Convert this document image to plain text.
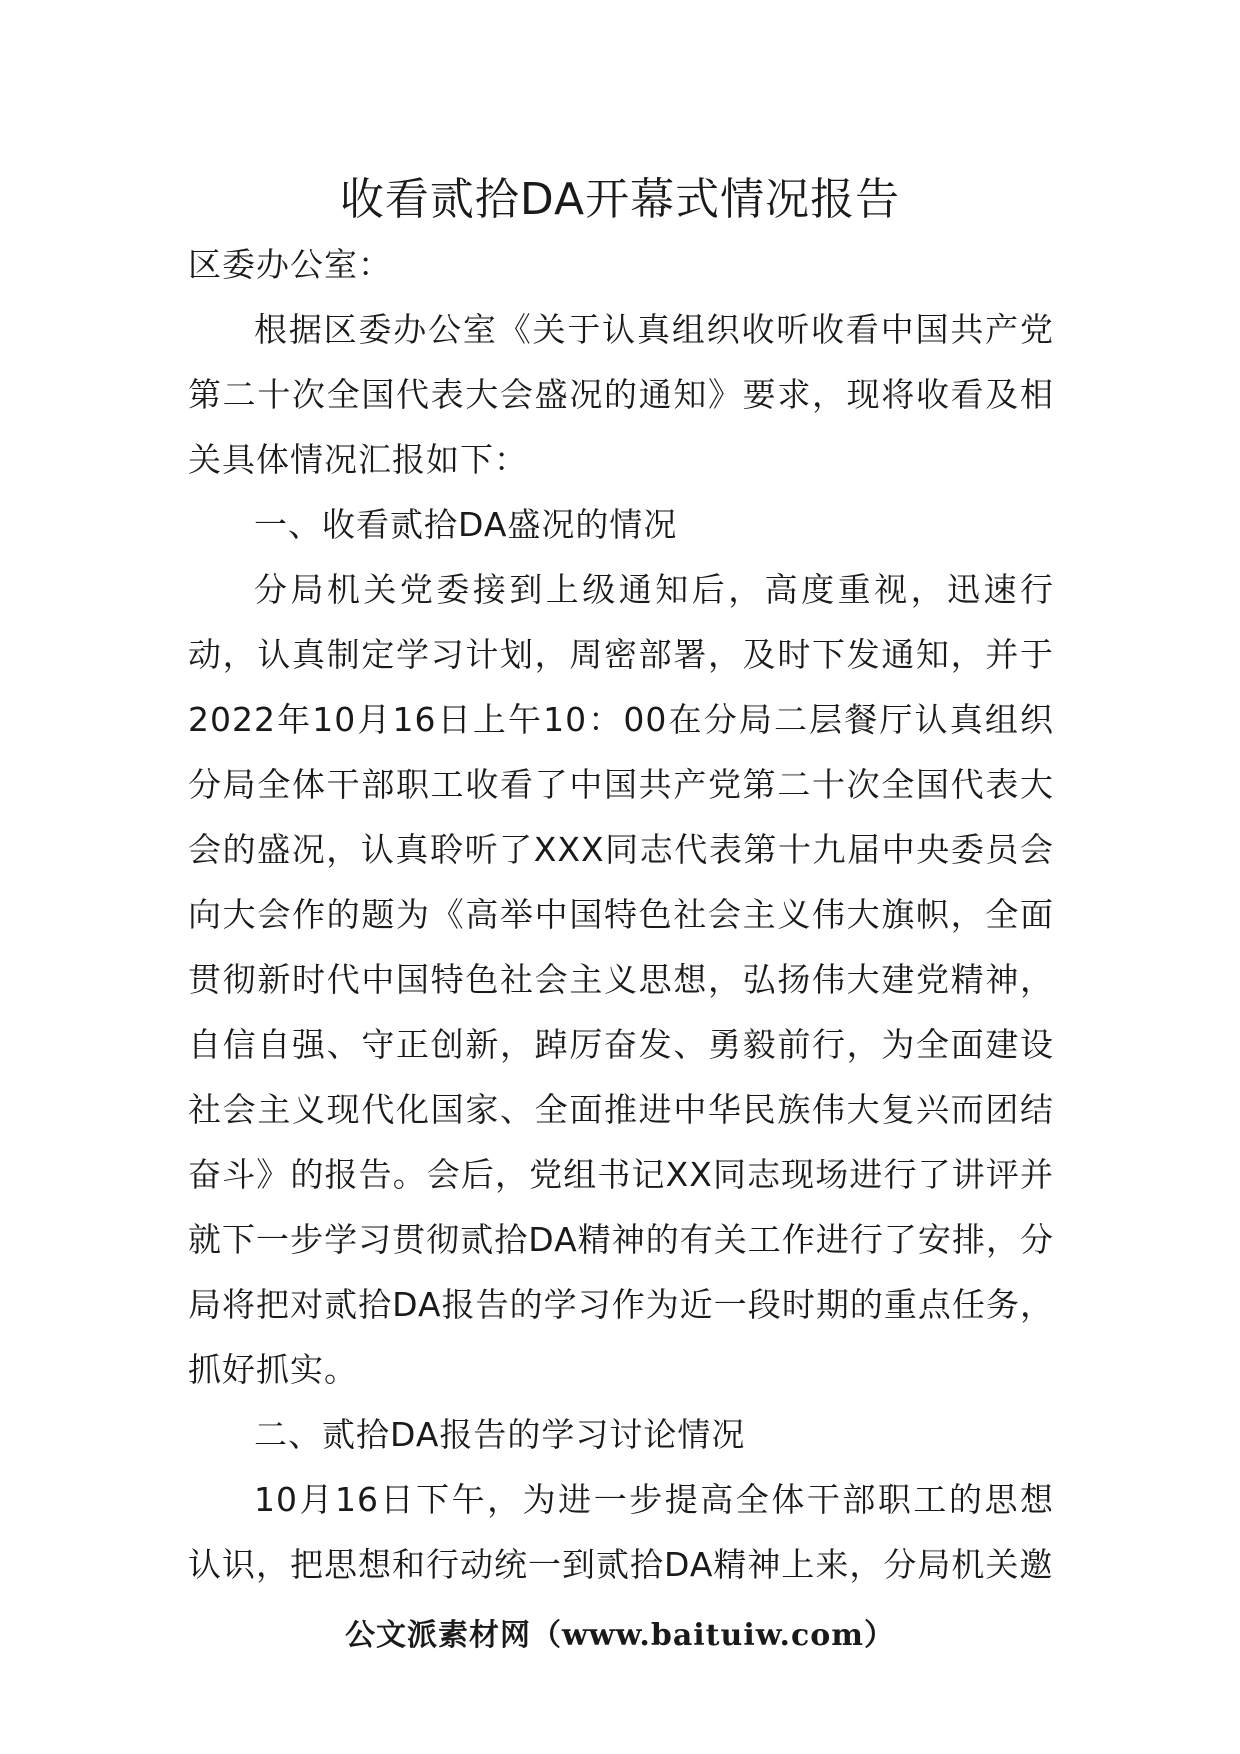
收看贰拾DA开幕式情况报告

区委办公室：

根据区委办公室《关于认真组织收听收看中国共产党第二十次全国代表大会盛况的通知》要求，现将收看及相关具体情况汇报如下：

一、收看贰拾DA盛况的情况

分局机关党委接到上级通知后，高度重视，迅速行动，认真制定学习计划，周密部署，及时下发通知，并于2022年10月16日上午10：00在分局二层餐厅认真组织分局全体干部职工收看了中国共产党第二十次全国代表大会的盛况，认真聆听了XXX同志代表第十九届中央委员会向大会作的题为《高举中国特色社会主义伟大旗帜，全面贯彻新时代中国特色社会主义思想，弘扬伟大建党精神，自信自强、守正创新，踔厉奋发、勇毅前行，为全面建设社会主义现代化国家、全面推进中华民族伟大复兴而团结奋斗》的报告。会后，党组书记XX同志现场进行了讲评并就下一步学习贯彻贰拾DA精神的有关工作进行了安排，分局将把对贰拾DA报告的学习作为近一段时期的重点任务，抓好抓实。

二、贰拾DA报告的学习讨论情况

10月16日下午，为进一步提高全体干部职工的思想认识，把思想和行动统一到贰拾DA精神上来，分局机关邀

公文派素材网（www.baituiw.com）
